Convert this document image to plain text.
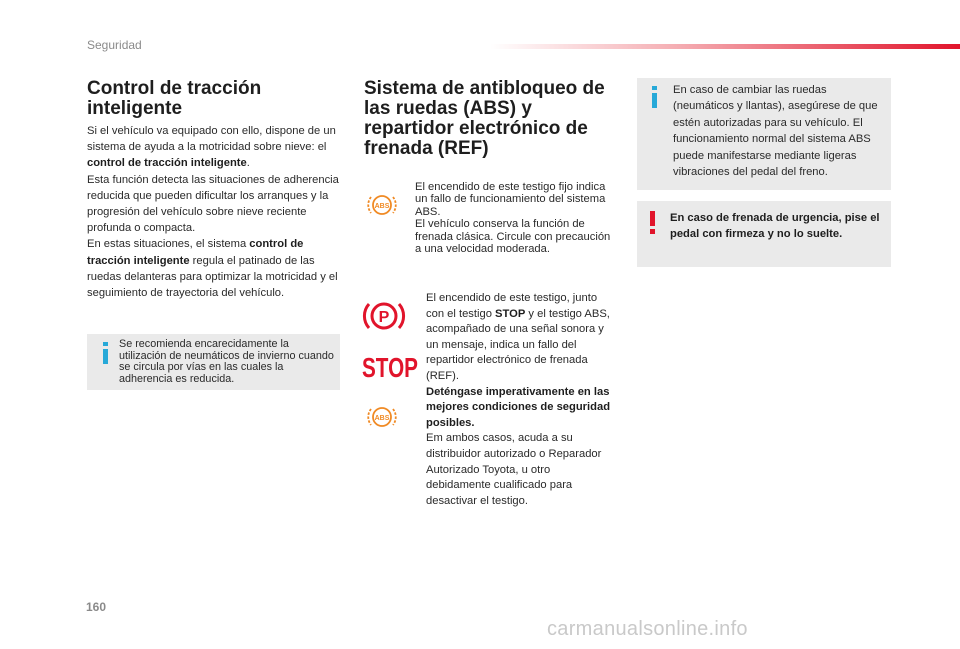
Seguridad
Control de tracción inteligente

Si el vehículo va equipado con ello, dispone de un sistema de ayuda a la motricidad sobre nieve: el control de tracción inteligente.

Esta función detecta las situaciones de adherencia reducida que pueden dificultar los arranques y la progresión del vehículo sobre nieve reciente profunda o compacta.

En estas situaciones, el sistema control de tracción inteligente regula el patinado de las ruedas delanteras para optimizar la motricidad y el seguimiento de trayectoria del vehículo.

Se recomienda encarecidamente la utilización de neumáticos de invierno cuando se circula por vías en las cuales la adherencia es reducida.
Sistema de antibloqueo de las ruedas (ABS) y repartidor electrónico de frenada (REF)
ABS

El encendido de este testigo fijo indica un fallo de funcionamiento del sistema ABS.

El vehículo conserva la función de frenada clásica. Circule con precaución a una velocidad moderada.

P
STOP
ABS

El encendido de este testigo, junto con el testigo STOP y el testigo ABS, acompañado de una señal sonora y un mensaje, indica un fallo del repartidor electrónico de frenada (REF).

Deténgase imperativamente en las mejores condiciones de seguridad posibles.

Em ambos casos, acuda a su distribuidor autorizado o Reparador Autorizado Toyota, u otro debidamente cualificado para desactivar el testigo.

En caso de cambiar las ruedas (neumáticos y llantas), asegúrese de que estén autorizadas para su vehículo. El funcionamiento normal del sistema ABS puede manifestarse mediante ligeras vibraciones del pedal del freno.
En caso de frenada de urgencia, pise el pedal con firmeza y no lo suelte.
160
carmanualsonline.info
